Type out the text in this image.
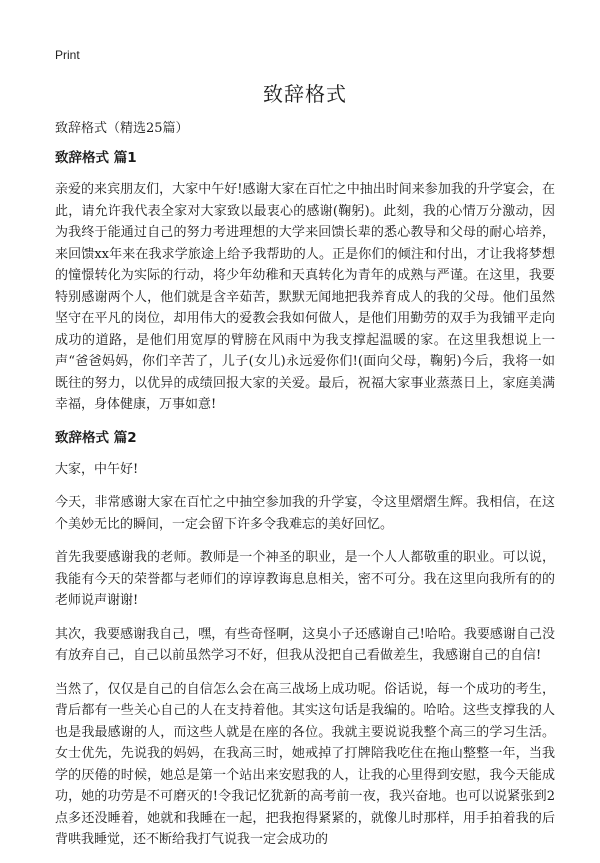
Print
致辞格式
致辞格式（精选25篇）
致辞格式 篇1

亲爱的来宾朋友们，大家中午好!感谢大家在百忙之中抽出时间来参加我的升学宴会，在此，请允许我代表全家对大家致以最衷心的感谢(鞠躬)。此刻，我的心情万分激动，因为我终于能通过自己的努力考进理想的大学来回馈长辈的悉心教导和父母的耐心培养，来回馈xx年来在我求学旅途上给予我帮助的人。正是你们的倾注和付出，才让我将梦想的憧憬转化为实际的行动，将少年幼稚和天真转化为青年的成熟与严谨。在这里，我要特别感谢两个人，他们就是含辛茹苦，默默无闻地把我养育成人的我的父母。他们虽然坚守在平凡的岗位，却用伟大的爱教会我如何做人，是他们用勤劳的双手为我铺平走向成功的道路，是他们用宽厚的臂膀在风雨中为我支撑起温暖的家。在这里我想说上一声“爸爸妈妈，你们辛苦了，儿子(女儿)永远爱你们!(面向父母，鞠躬)今后，我将一如既往的努力，以优异的成绩回报大家的关爱。最后，祝福大家事业蒸蒸日上，家庭美满幸福，身体健康，万事如意!

致辞格式 篇2

大家，中午好!

今天，非常感谢大家在百忙之中抽空参加我的升学宴，令这里熠熠生辉。我相信，在这个美妙无比的瞬间，一定会留下许多令我难忘的美好回忆。

首先我要感谢我的老师。教师是一个神圣的职业，是一个人人都敬重的职业。可以说，我能有今天的荣誉都与老师们的谆谆教诲息息相关，密不可分。我在这里向我所有的的老师说声谢谢!

其次，我要感谢我自己，嘿，有些奇怪啊，这臭小子还感谢自己!哈哈。我要感谢自己没有放弃自己，自己以前虽然学习不好，但我从没把自己看做差生，我感谢自己的自信!

当然了，仅仅是自己的自信怎么会在高三战场上成功呢。俗话说，每一个成功的考生，背后都有一些关心自己的人在支持着他。其实这句话是我编的。哈哈。这些支撑我的人也是我最感谢的人，而这些人就是在座的各位。我就主要说说我整个高三的学习生活。女士优先，先说我的妈妈，在我高三时，她戒掉了打牌陪我吃住在拖山整整一年，当我学的厌倦的时候，她总是第一个站出来安慰我的人，让我的心里得到安慰，我今天能成功，她的功劳是不可磨灭的!令我记忆犹新的高考前一夜，我兴奋地。也可以说紧张到2点多还没睡着，她就和我睡在一起，把我抱得紧紧的，就像儿时那样，用手拍着我的后背哄我睡觉，还不断给我打气说我一定会成功的
